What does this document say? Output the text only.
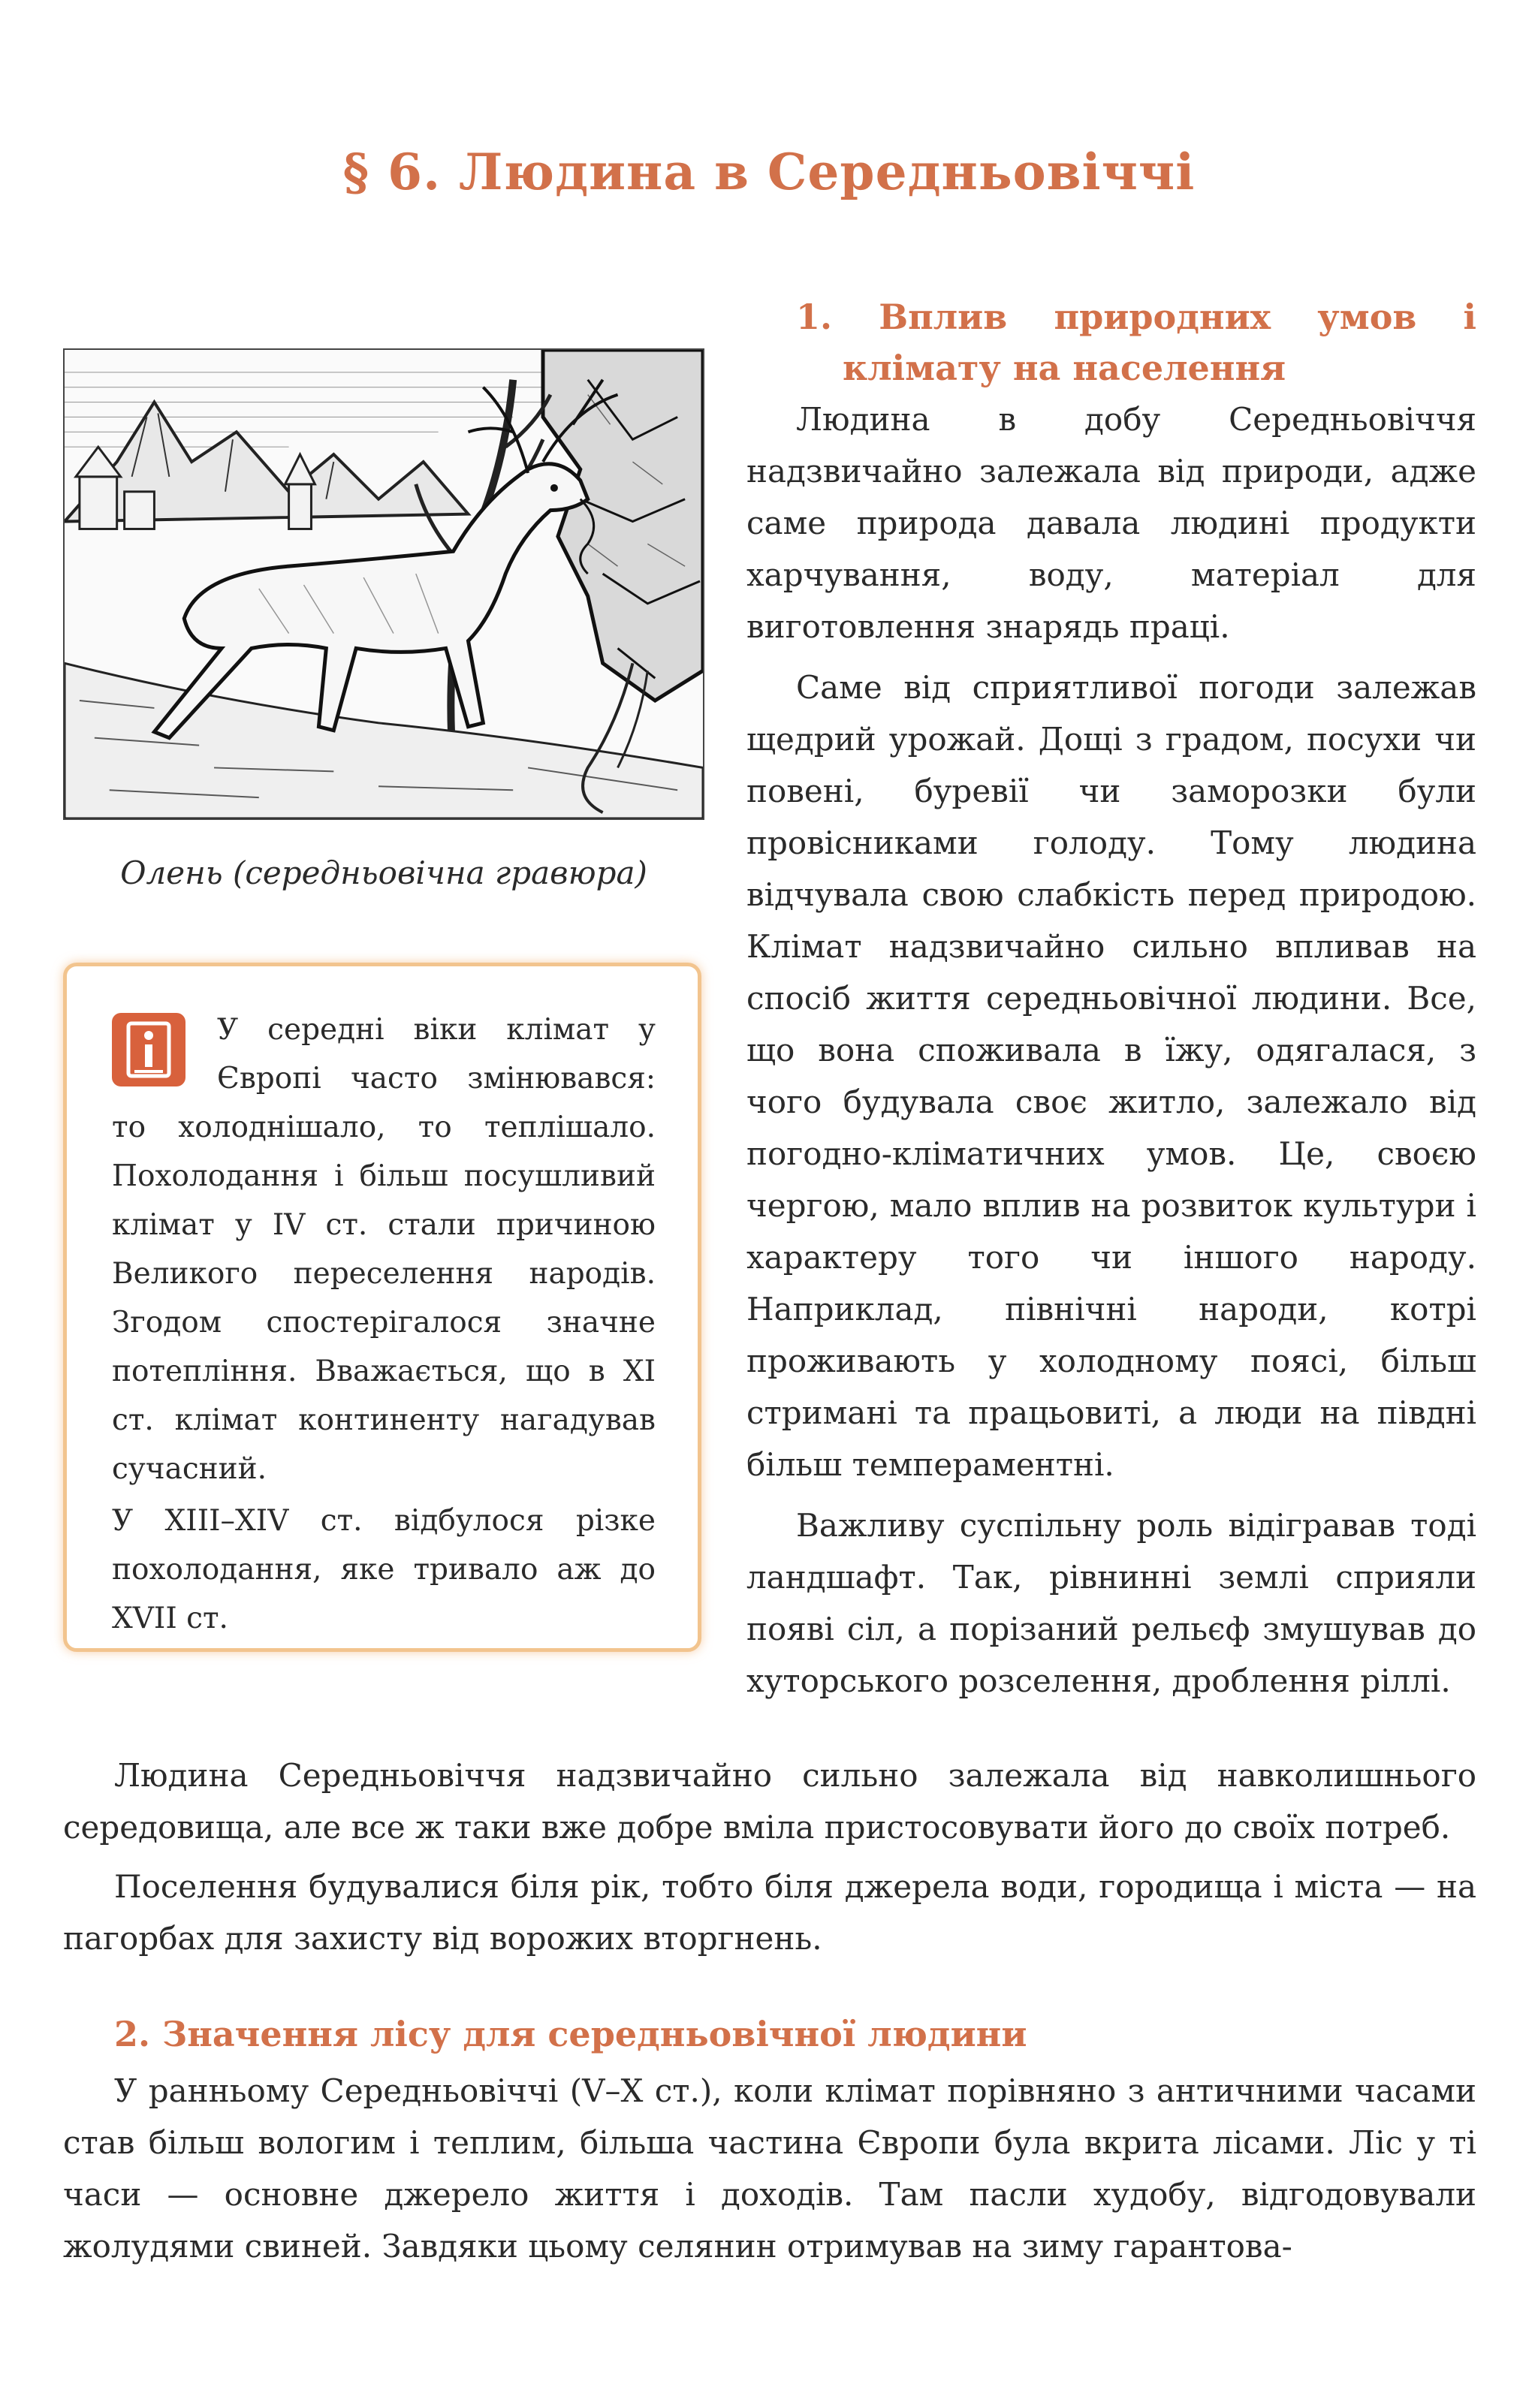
§ 6. Людина в Середньовіччі
Олень (середньовічна гравюра)

У середні віки клімат у Європі часто змінювався: то холоднішало, то теплішало. Похолодання і більш посушливий клімат у IV ст. стали причиною Великого переселення народів. Згодом спостерігалося значне потепління. Вважається, що в XI ст. клімат континенту нагадував сучасний.

У XIII–XIV ст. відбулося різке похолодання, яке тривало аж до XVII ст.

1. Вплив природних умов і клімату на населення

Людина в добу Середньовіччя надзвичайно залежала від природи, адже саме природа давала людині продукти харчування, воду, матеріал для виготовлення знарядь праці.

Саме від сприятливої погоди залежав щедрий урожай. Дощі з градом, посухи чи повені, буревії чи заморозки були провісниками голоду. Тому людина відчувала свою слабкість перед природою. Клімат надзвичайно сильно впливав на спосіб життя середньовічної людини. Все, що вона споживала в їжу, одягалася, з чого будувала своє житло, залежало від погодно-кліматичних умов. Це, своєю чергою, мало вплив на розвиток культури і характеру того чи іншого народу. Наприклад, північні народи, котрі проживають у холодному поясі, більш стримані та працьовиті, а люди на півдні більш темпераментні.

Важливу суспільну роль відігравав тоді ландшафт. Так, рівнинні землі сприяли появі сіл, а порізаний рельєф змушував до хуторського розселення, дроблення ріллі.

Людина Середньовіччя надзвичайно сильно залежала від навколишнього середовища, але все ж таки вже добре вміла пристосовувати його до своїх потреб.

Поселення будувалися біля рік, тобто біля джерела води, городища і міста — на пагорбах для захисту від ворожих вторгнень.

2. Значення лісу для середньовічної людини

У ранньому Середньовіччі (V–X ст.), коли клімат порівняно з античними часами став більш вологим і теплим, більша частина Європи була вкрита лісами. Ліс у ті часи — основне джерело життя і доходів. Там пасли худобу, відгодовували жолудями свиней. Завдяки цьому селянин отримував на зиму гарантова-
